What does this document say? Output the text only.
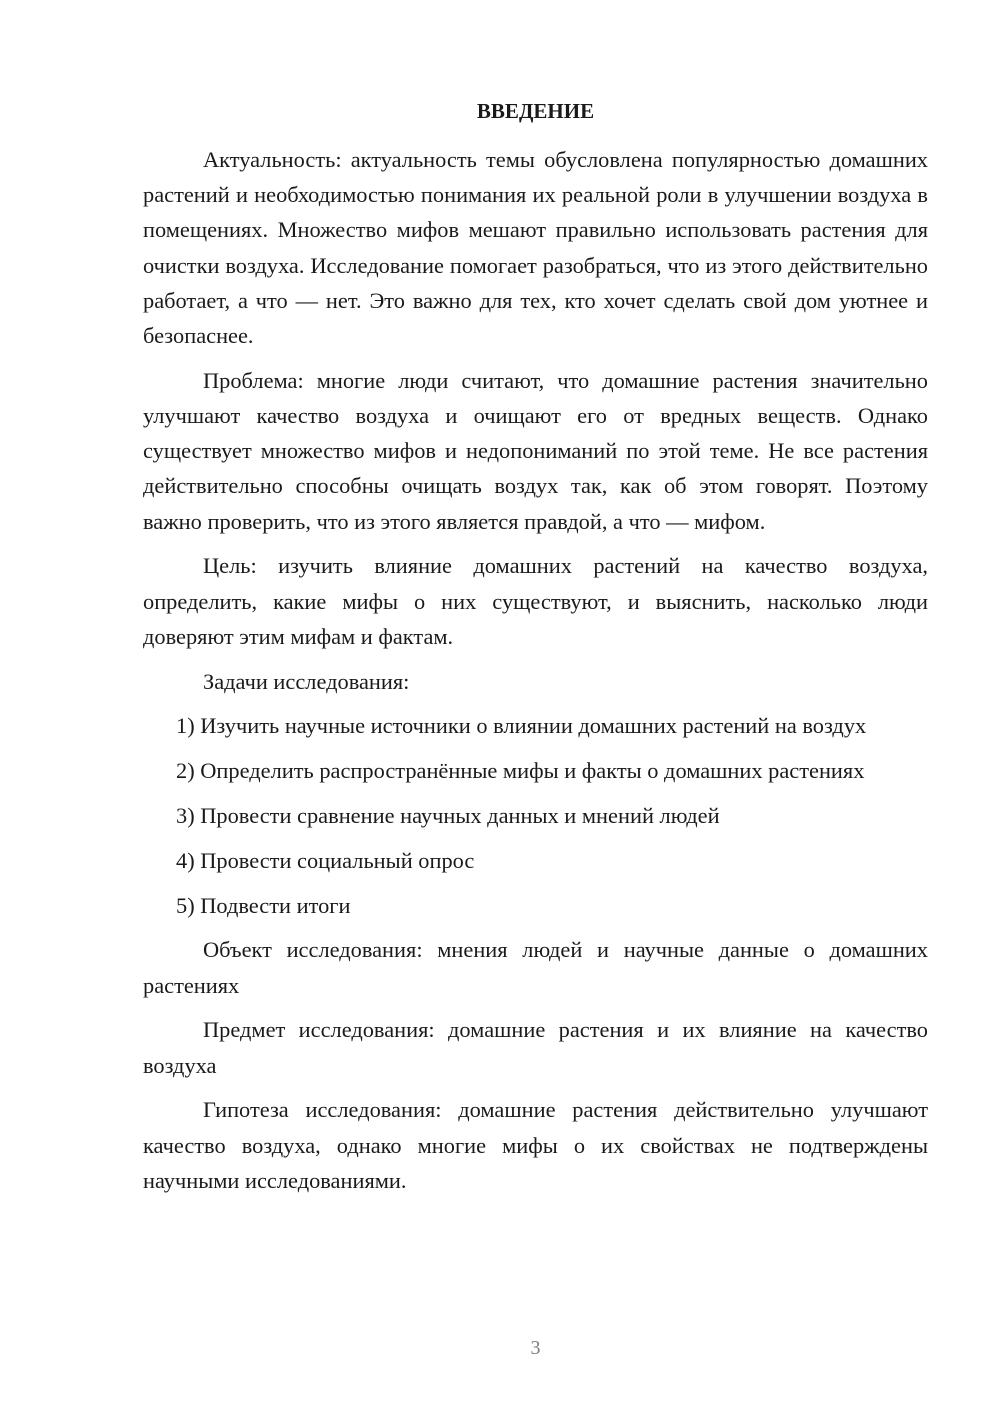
ВВЕДЕНИЕ

Актуальность: актуальность темы обусловлена популярностью домашних растений и необходимостью понимания их реальной роли в улучшении воздуха в помещениях. Множество мифов мешают правильно использовать растения для очистки воздуха. Исследование помогает разобраться, что из этого действительно работает, а что — нет. Это важно для тех, кто хочет сделать свой дом уютнее и безопаснее.

Проблема: многие люди считают, что домашние растения значительно улучшают качество воздуха и очищают его от вредных веществ. Однако существует множество мифов и недопониманий по этой теме. Не все растения действительно способны очищать воздух так, как об этом говорят. Поэтому важно проверить, что из этого является правдой, а что — мифом.

Цель: изучить влияние домашних растений на качество воздуха, определить, какие мифы о них существуют, и выяснить, насколько люди доверяют этим мифам и фактам.

Задачи исследования:

1) Изучить научные источники о влиянии домашних растений на воздух

2) Определить распространённые мифы и факты о домашних растениях

3) Провести сравнение научных данных и мнений людей

4) Провести социальный опрос

5) Подвести итоги

Объект исследования: мнения людей и научные данные о домашних растениях

Предмет исследования: домашние растения и их влияние на качество воздуха

Гипотеза исследования: домашние растения действительно улучшают качество воздуха, однако многие мифы о их свойствах не подтверждены научными исследованиями.

3
